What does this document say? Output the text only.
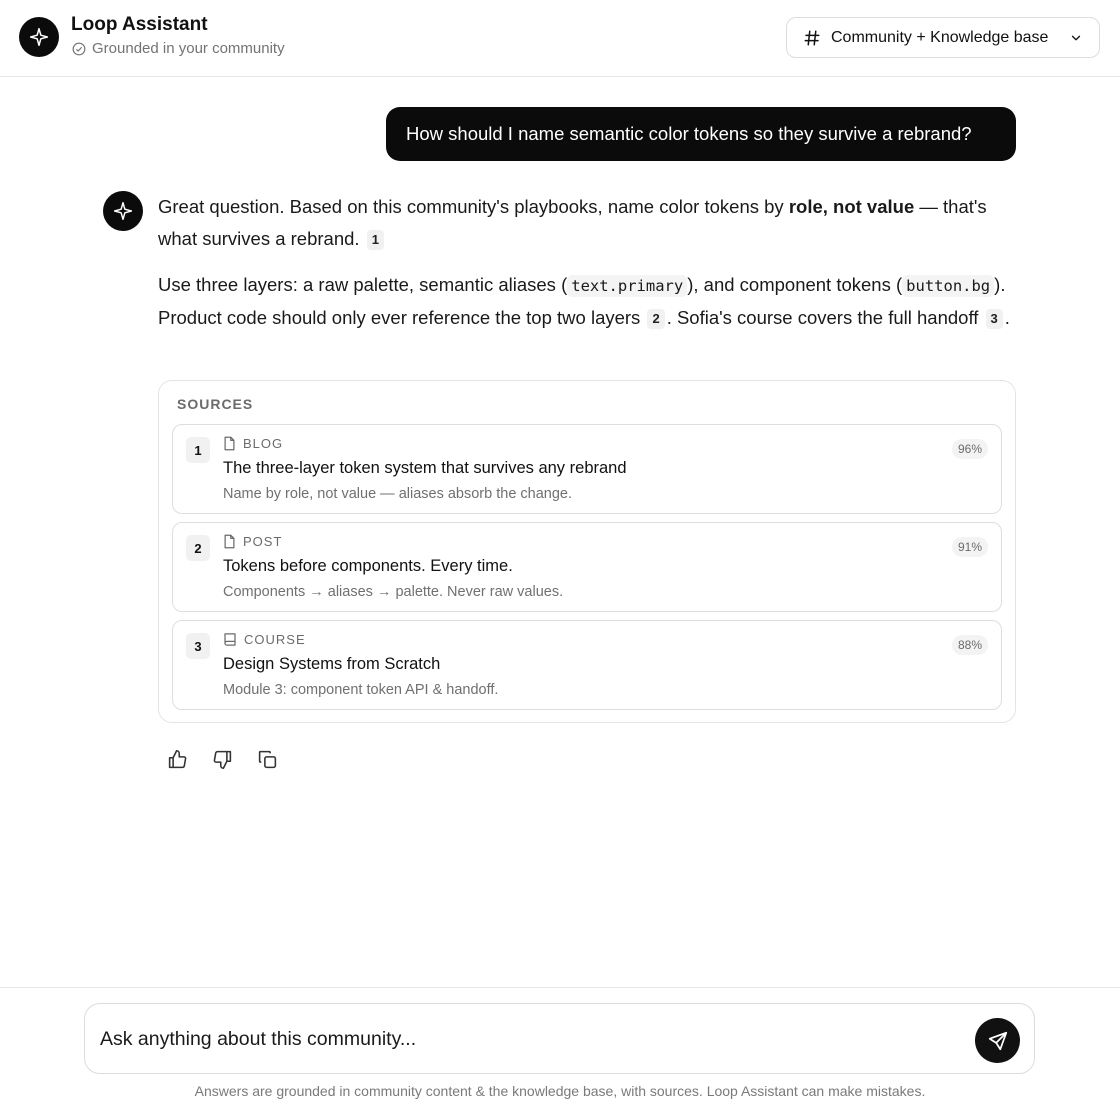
Loop Assistant
Grounded in your community
Community + Knowledge base
How should I name semantic color tokens so they survive a rebrand?

Great question. Based on this community's playbooks, name color tokens by role, not value — that's what survives a rebrand. 1

Use three layers: a raw palette, semantic aliases ( text.primary ), and component tokens ( button.bg ). Product code should only ever reference the top two layers 2 . Sofia's course covers the full handoff 3 .

SOURCES
1	BLOG
The three-layer token system that survives any rebrand
Name by role, not value — aliases absorb the change.
96%
2	POST
Tokens before components. Every time.
Components → aliases → palette. Never raw values.
91%
3	COURSE
Design Systems from Scratch
Module 3: component token API & handoff.
88%
Ask anything about this community...
Answers are grounded in community content & the knowledge base, with sources. Loop Assistant can make mistakes.
